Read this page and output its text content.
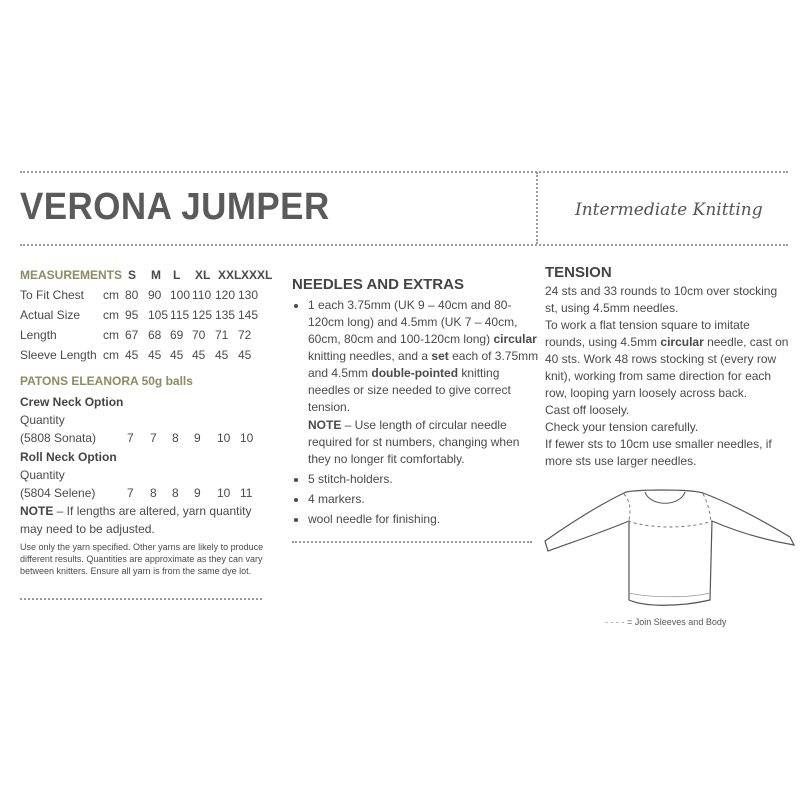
VERONA JUMPER	Intermediate Knitting
MEASUREMENTS S M L XL XXL XXXL
To Fit Chest cm 80 90 100 110 120 130
Actual Size cm 95 105 115 125 135 145
Length	cm 67 68 69 70 71 72
Sleeve Length cm 45 45 45 45 45 45
PATONS ELEANORA 50g balls
Crew Neck Option
Quantity
(5808 Sonata)	7 7 8 9 10 10
Roll Neck Option
Quantity
(5804 Selene)	7 8 8 9 10 11
NOTE – If lengths are altered, yarn quantity may need to be adjusted.
Use only the yarn specified. Other yarns are likely to produce different results. Quantities are approximate as they can vary between knitters. Ensure all yarn is from the same dye lot.
NEEDLES AND EXTRAS
• 1 each 3.75mm (UK 9 – 40cm and 80-120cm long) and 4.5mm (UK 7 – 40cm, 60cm, 80cm and 100-120cm long) circular knitting needles, and a set each of 3.75mm and 4.5mm double-pointed knitting needles or size needed to give correct tension.
NOTE – Use length of circular needle required for st numbers, changing when they no longer fit comfortably.
• 5 stitch-holders.
• 4 markers.
• wool needle for finishing.
TENSION

24 sts and 33 rounds to 10cm over stocking st, using 4.5mm needles.

To work a flat tension square to imitate rounds, using 4.5mm circular needle, cast on 40 sts. Work 48 rows stocking st (every row knit), working from same direction for each row, looping yarn loosely across back.

Cast off loosely.

Check your tension carefully.

If fewer sts to 10cm use smaller needles, if more sts use larger needles.

- - - - = Join Sleeves and Body
